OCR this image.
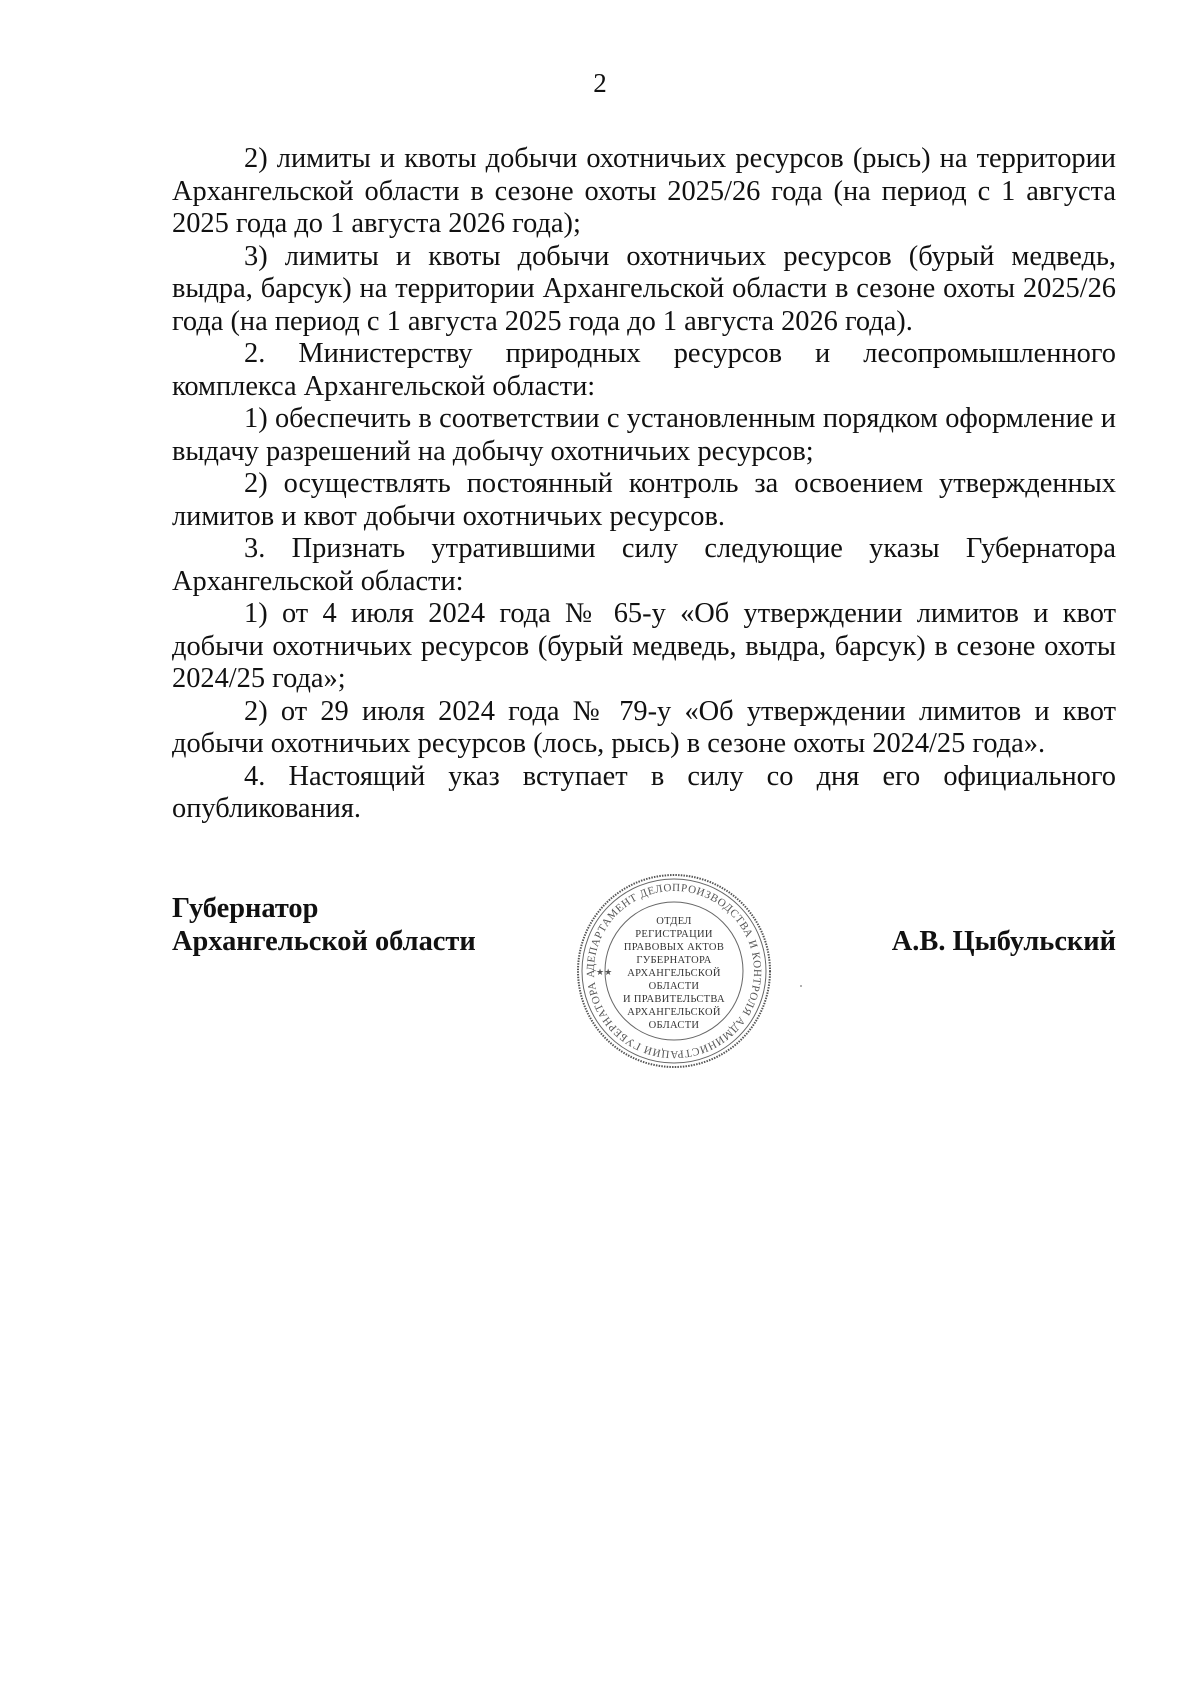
2

2) лимиты и квоты добычи охотничьих ресурсов (рысь) на территории Архангельской области в сезоне охоты 2025/26 года (на период с 1 августа 2025 года до 1 августа 2026 года);

3) лимиты и квоты добычи охотничьих ресурсов (бурый медведь, выдра, барсук) на территории Архангельской области в сезоне охоты 2025/26 года (на период с 1 августа 2025 года до 1 августа 2026 года).

2. Министерству природных ресурсов и лесопромышленного комплекса Архангельской области:

1) обеспечить в соответствии с установленным порядком оформление и выдачу разрешений на добычу охотничьих ресурсов;

2) осуществлять постоянный контроль за освоением утвержденных лимитов и квот добычи охотничьих ресурсов.

3. Признать утратившими силу следующие указы Губернатора Архангельской области:

1) от 4 июля 2024 года № 65-у «Об утверждении лимитов и квот добычи охотничьих ресурсов (бурый медведь, выдра, барсук) в сезоне охоты 2024/25 года»;

2) от 29 июля 2024 года № 79-у «Об утверждении лимитов и квот добычи охотничьих ресурсов (лось, рысь) в сезоне охоты 2024/25 года».

4. Настоящий указ вступает в силу со дня его официального опубликования.

Губернатор
Архангельской области	А.В. Цыбульский
ДЕПАРТАМЕНТ ДЕЛОПРОИЗВОДСТВА И КОНТРОЛЯ АДМИНИСТРАЦИИ ГУБЕРНАТОРА А
★★
ОТДЕЛ
РЕГИСТРАЦИИ
ПРАВОВЫХ АКТОВ
ГУБЕРНАТОРА
АРХАНГЕЛЬСКОЙ
ОБЛАСТИ
И ПРАВИТЕЛЬСТВА
АРХАНГЕЛЬСКОЙ
ОБЛАСТИ
